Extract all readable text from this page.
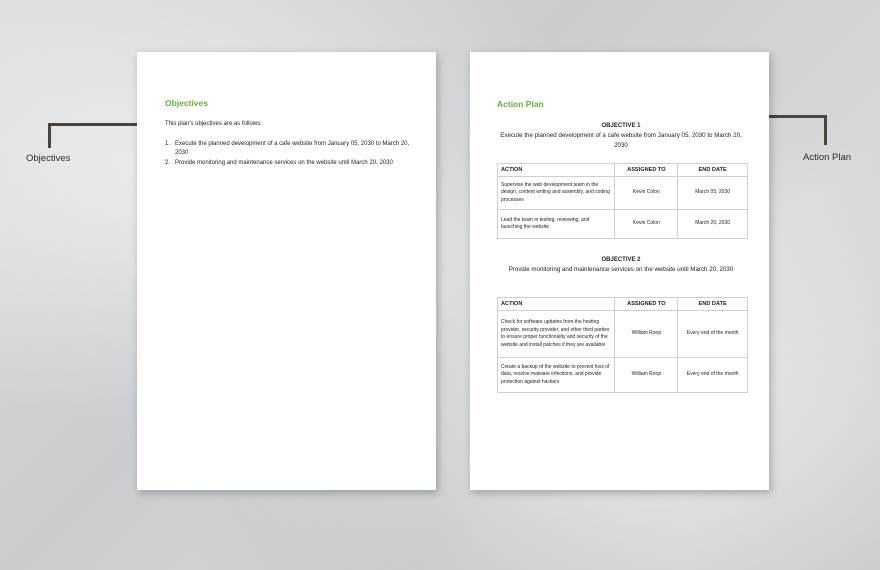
Objectives	Action Plan
Objectives
This plan's objectives are as follows:
1. Execute the planned development of a cafe website from January 05, 2030 to March 20, 2030
2. Provide monitoring and maintenance services on the website until March 20, 2030
Action Plan
OBJECTIVE 1
Execute the planned development of a cafe website from January 05, 2030 to March 20, 2030
ACTION	ASSIGNED TO	END DATE
Supervise the web development team in the design, content writing and assembly, and coding processes	Kevin Colon	March 05, 2030
Lead the team in testing, reviewing, and launching the website	Kevin Colon	March 20, 2030
OBJECTIVE 2
Provide monitoring and maintenance services on the website until March 20, 2030
ACTION	ASSIGNED TO	END DATE
Check for software updates from the hosting provider, security provider, and other third parties to ensure proper functionality and security of the website and install patches if they are available	William Roop	Every end of the month
Create a backup of the website to prevent loss of data, resolve malware infections, and provide protection against hackers	William Roop	Every end of the month
